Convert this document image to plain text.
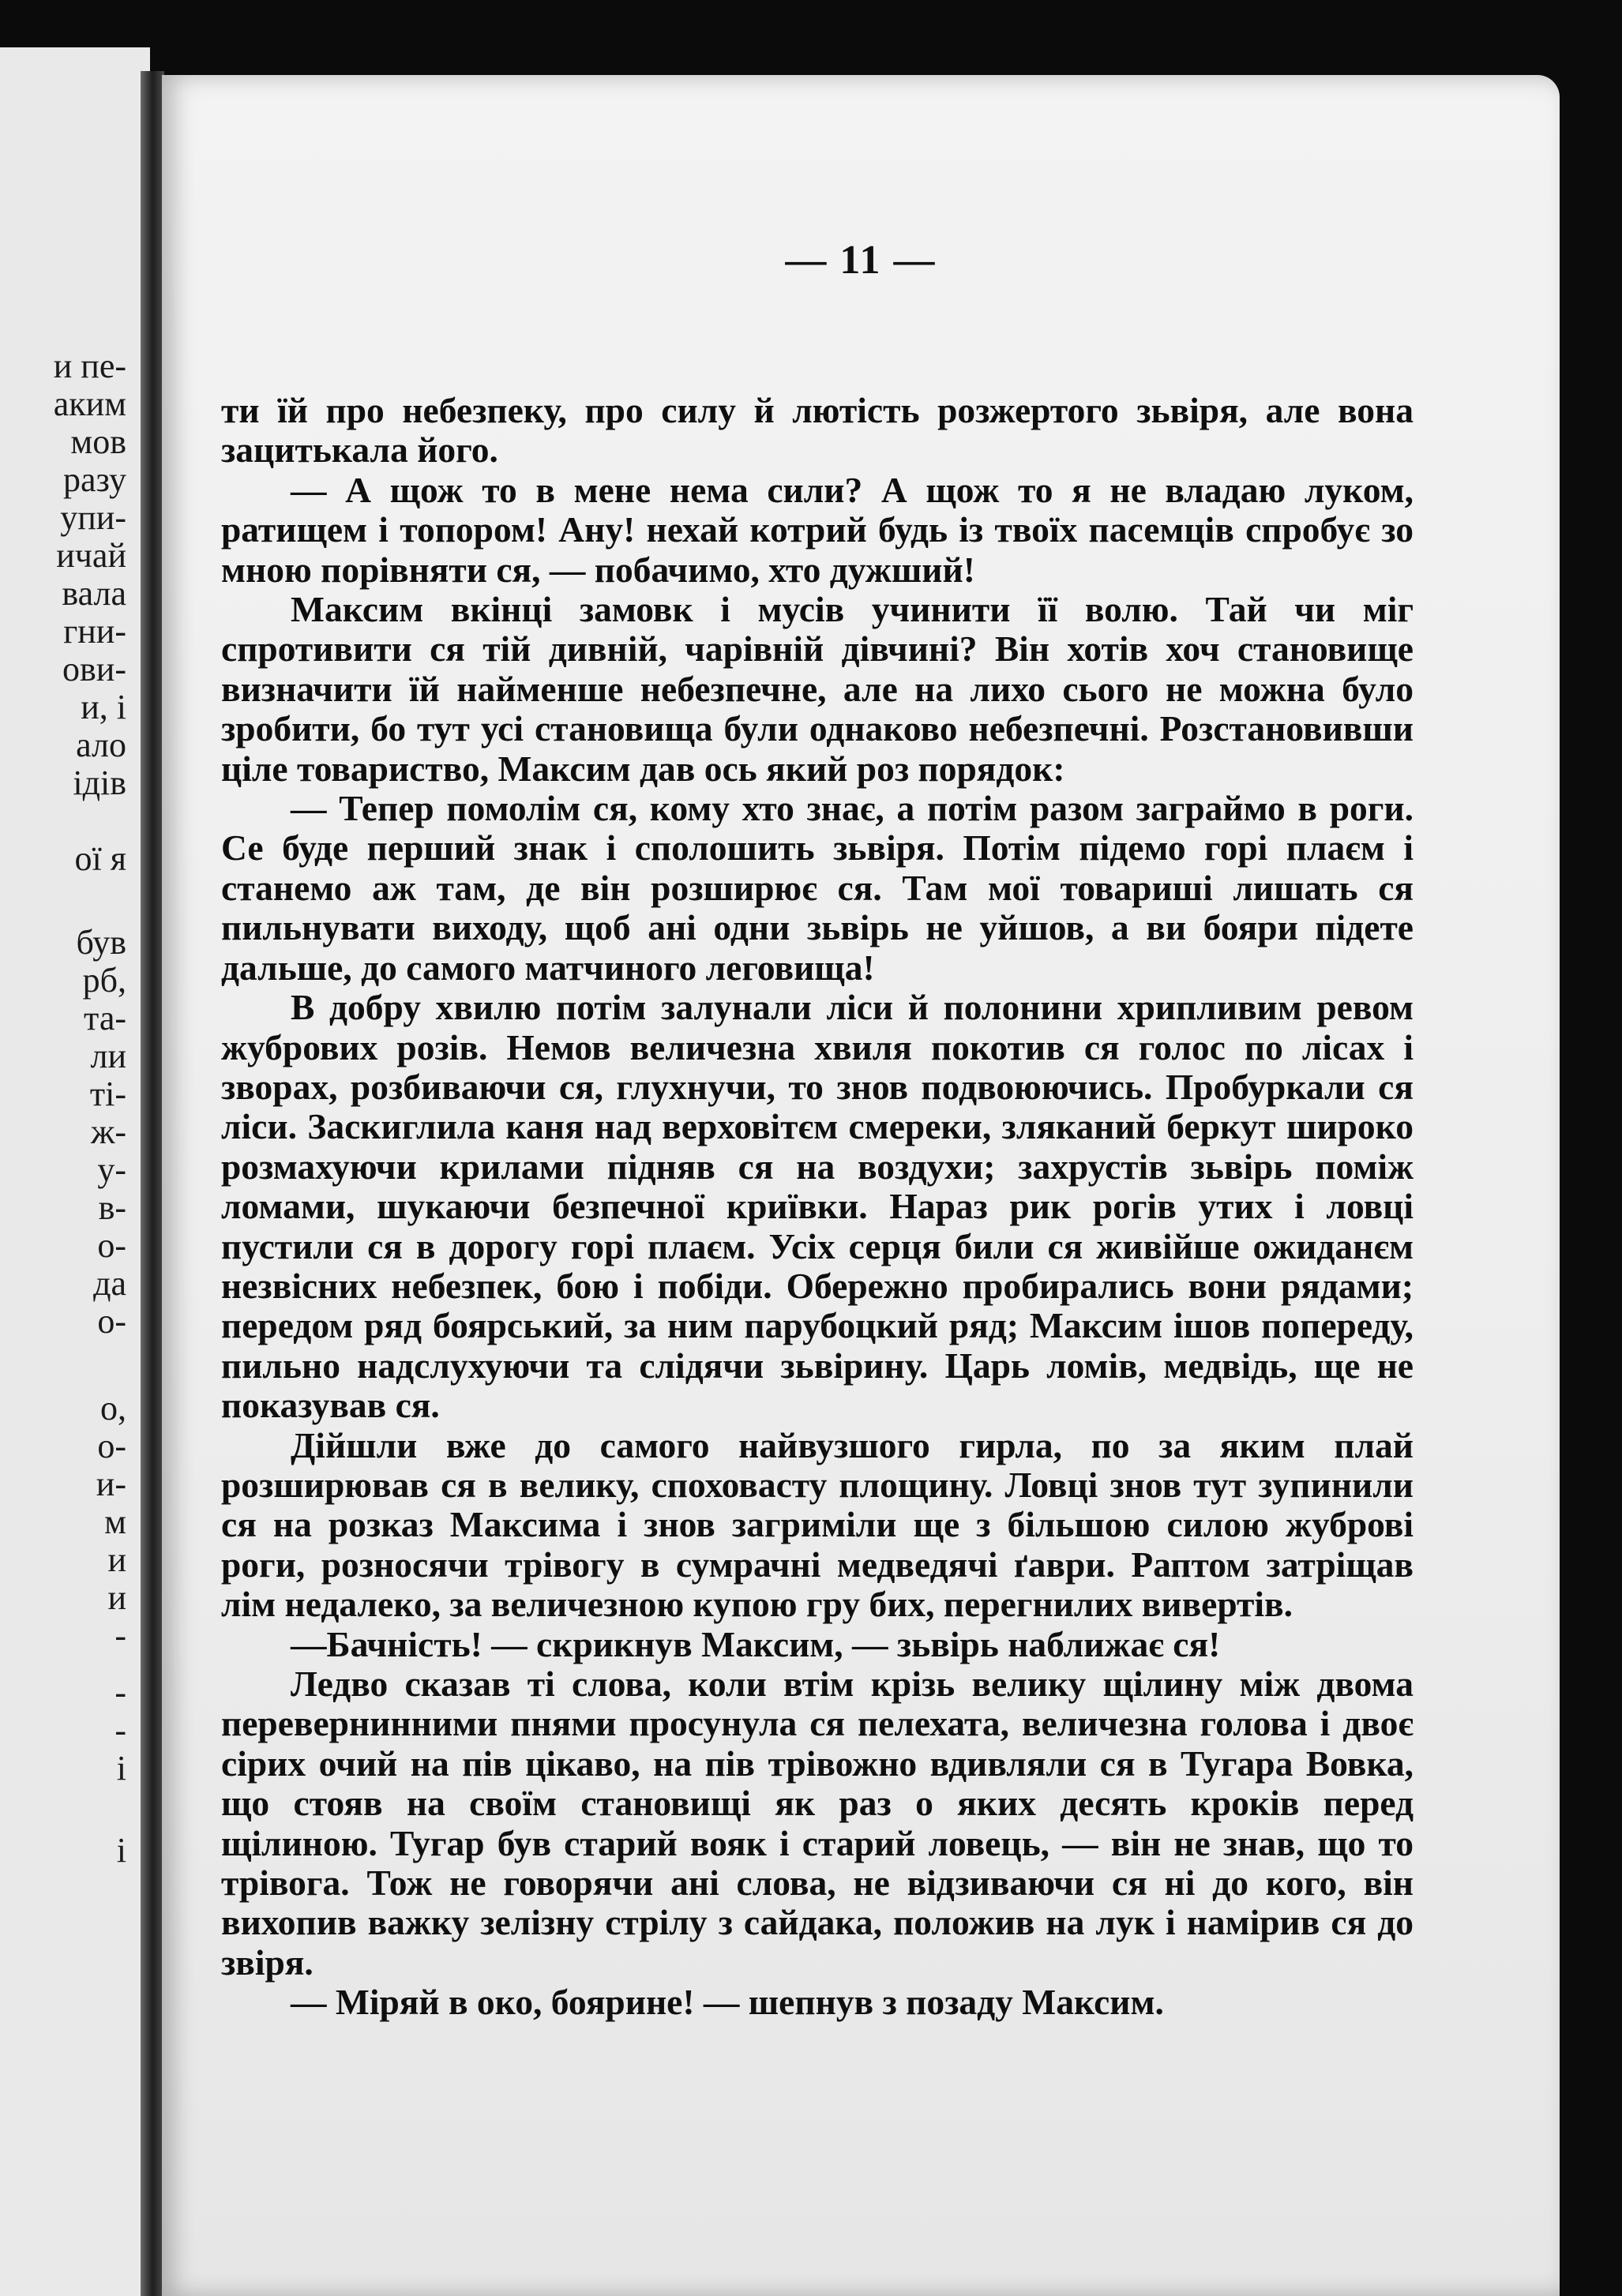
и пе-
аким
мов
разу
упи-
ичай
вала
гни-
ови-
и, і
ало
ідів
ої я
був
рб,
та-
ли
ті-
ж-
у-
в-
о-
да
о-
о,
о-
и-
м
и
и
-
-
-
і
і
— 11 —

ти їй про небезпеку, про силу й лютість розжертого зьвіря, але вона зацитькала його.

— А щож то в мене нема сили? А щож то я не владаю луком, ратищем і топором! Ану! нехай котрий будь із твоїх пасемців спробує зо мною порівняти ся, — побачимо, хто дужший!

Максим вкінці замовк і мусів учинити її волю. Тай чи міг спротивити ся тій дивній, чарівній дівчині? Він хотів хоч становище визначити їй найменше небезпечне, але на лихо сього не можна було зробити, бо тут усі становища були однаково небезпечні. Розстановивши ціле товариство, Максим дав ось який роз порядок:

— Тепер помолім ся, кому хто знає, а потім разом заграймо в роги. Се буде перший знак і сполошить зьвіря. Потім підемо горі плаєм і станемо аж там, де він розширює ся. Там мої товариші лишать ся пильнувати виходу, щоб ані одни зьвірь не уйшов, а ви бояри підете дальше, до самого матчиного леговища!

В добру хвилю потім залунали ліси й полонини хрипливим ревом жубрових розів. Немов величезна хвиля покотив ся голос по лісах і зворах, розбиваючи ся, глухнучи, то знов подвоюючись. Пробуркали ся ліси. Заскиглила каня над верховітєм смереки, зляканий беркут широко розмахуючи крилами підняв ся на воздухи; захрустів зьвірь поміж ломами, шукаючи безпечної криївки. Нараз рик рогів утих і ловці пустили ся в дорогу горі плаєм. Усіх серця били ся живійше ожиданєм незвісних небезпек, бою і побіди. Обережно пробирались вони рядами; передом ряд боярський, за ним парубоцкий ряд; Максим ішов попереду, пильно надслухуючи та слідячи зьвірину. Царь ломів, медвідь, ще не показував ся.

Дійшли вже до самого найвузшого гирла, по за яким плай розширював ся в велику, споховасту площину. Ловці знов тут зупинили ся на розказ Максима і знов загриміли ще з більшою силою жуброві роги, розносячи трівогу в сумрачні медведячі ґаври. Раптом затріщав лім недалеко, за величезною купою гру бих, перегнилих вивертів.

—Бачність! — скрикнув Максим, — зьвірь наближає ся!

Ледво сказав ті слова, коли втім крізь велику щілину між двома перевернинними пнями просунула ся пелехата, величезна голова і двоє сірих очий на пів цікаво, на пів трівожно вдивляли ся в Тугара Вовка, що стояв на своїм становищі як раз о яких десять кроків перед щілиною. Тугар був старий вояк і старий ловець, — він не знав, що то трівога. Тож не говорячи ані слова, не відзиваючи ся ні до кого, він вихопив важку зелізну стрілу з сайдака, положив на лук і намірив ся до звіря.

— Міряй в око, боярине! — шепнув з позаду Максим.
